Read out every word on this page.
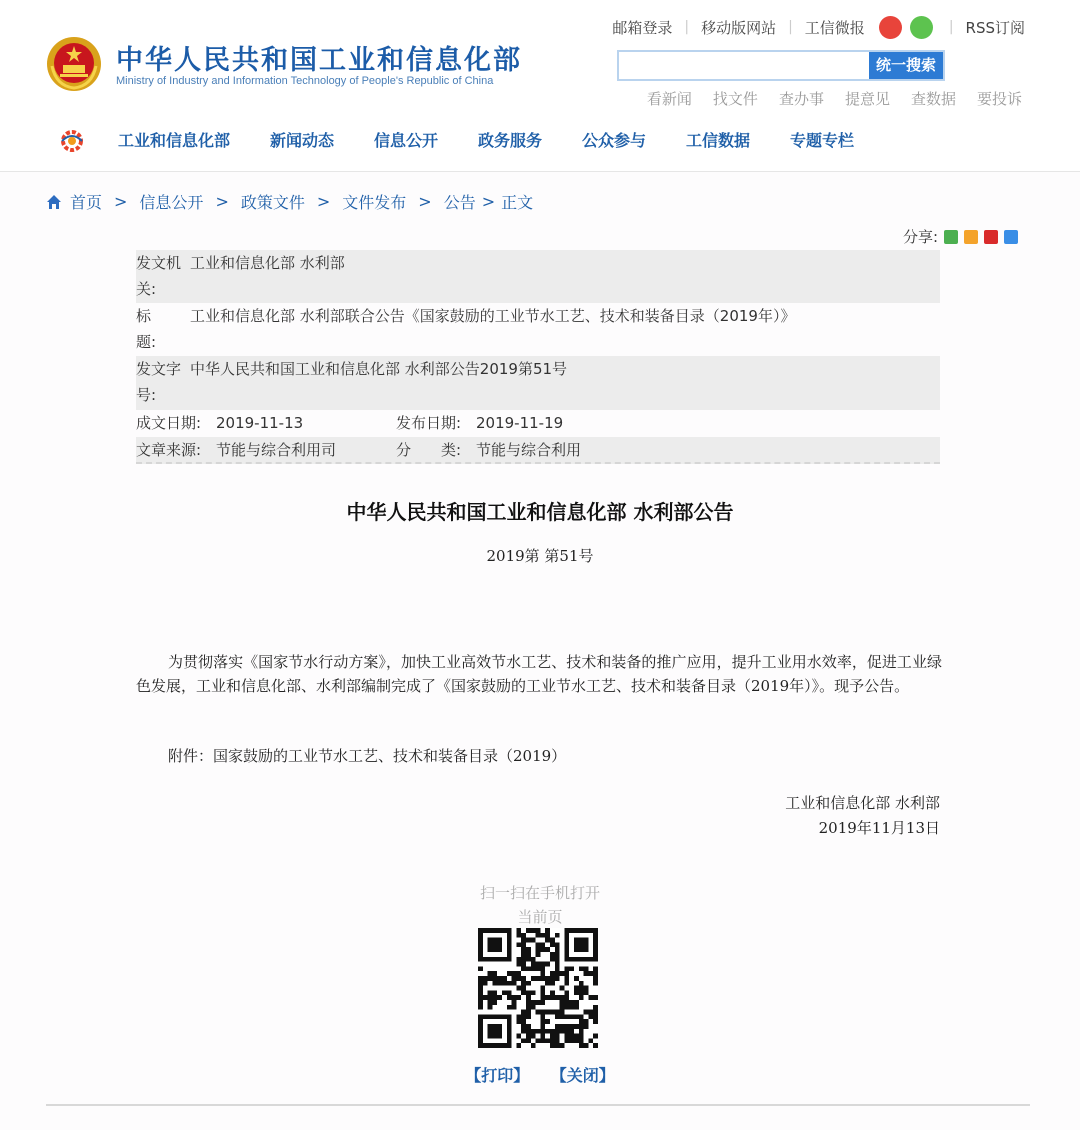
中华人民共和国工业和信息化部
Ministry of Industry and Information Technology of People's Republic of China
邮箱登录 | 移动版网站 | 工信微报	| RSS订阅
统一搜索
看新闻 找文件 查办事 提意见 查数据 要投诉
工业和信息化部 新闻动态 信息公开 政务服务 公众参与 工信数据 专题专栏
首页 > 信息公开 > 政策文件 > 文件发布 > 公告 > 正文
分享:
发文机关:
工业和信息化部 水利部
标　　题:
工业和信息化部 水利部联合公告《国家鼓励的工业节水工艺、技术和装备目录（2019年）》
发文字号:
中华人民共和国工业和信息化部 水利部公告2019第51号
成文日期: 2019-11-13	发布日期: 2019-11-19
文章来源: 节能与综合利用司	分　　类: 节能与综合利用
中华人民共和国工业和信息化部 水利部公告
2019第 第51号

为贯彻落实《国家节水行动方案》，加快工业高效节水工艺、技术和装备的推广应用，提升工业用水效率，促进工业绿色发展，工业和信息化部、水利部编制完成了《国家鼓励的工业节水工艺、技术和装备目录（2019年）》。现予公告。

附件：国家鼓励的工业节水工艺、技术和装备目录（2019）

工业和信息化部 水利部
2019年11月13日
扫一扫在手机打开
当前页
【打印】 【关闭】
